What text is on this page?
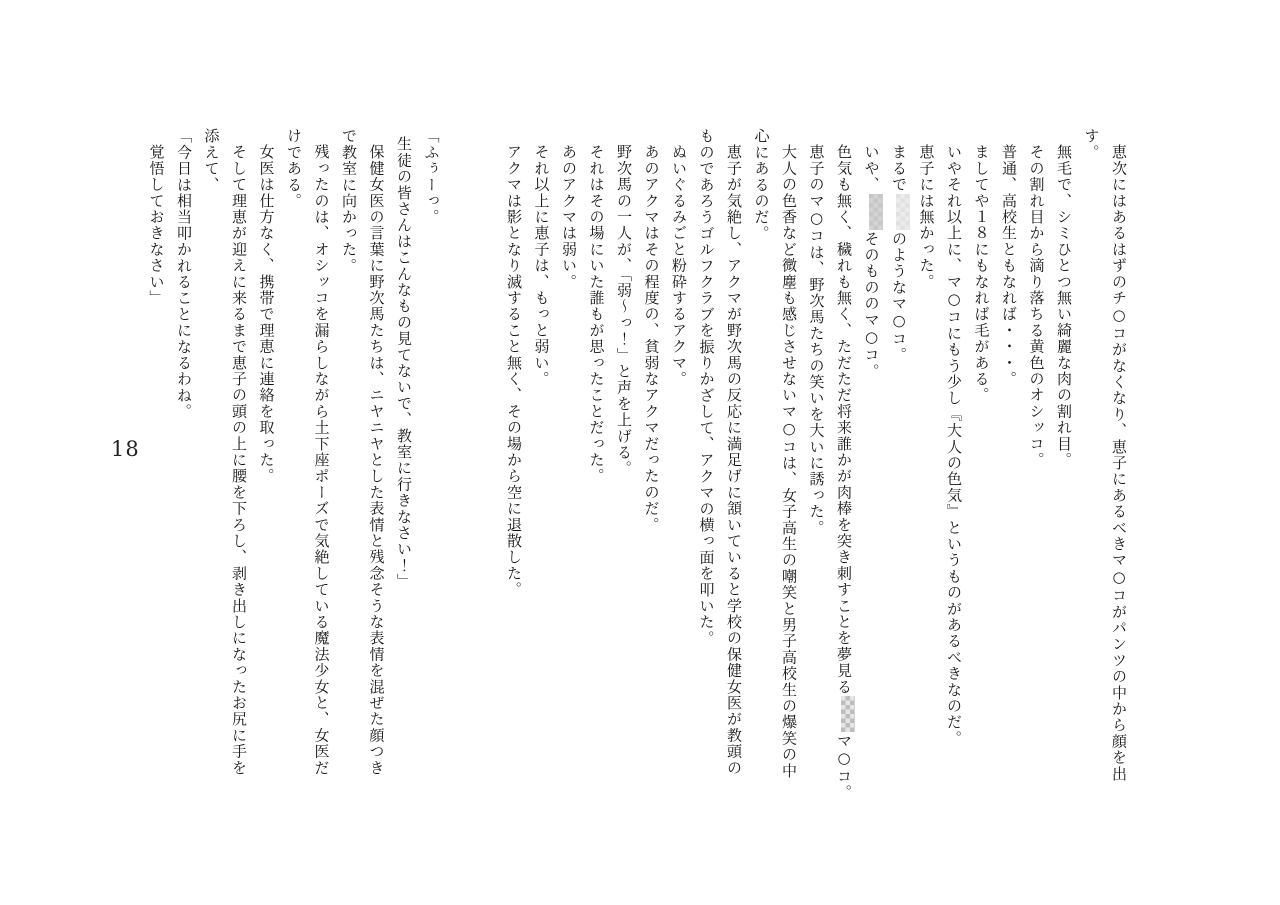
恵次にはあるはずのチ○コがなくなり、恵子にあるべきマ○コがパンツの中から顔を出

す。

無毛で、シミひとつ無い綺麗な肉の割れ目。

その割れ目から滴り落ちる黄色のオシッコ。

普通、高校生ともなれば・・・。

ましてや１８にもなれば毛がある。

いやそれ以上に、マ○コにもう少し『大人の色気』というものがあるべきなのだ。

恵子には無かった。

まるでのようなマ○コ。

いや、そのもののマ○コ。

色気も無く、穢れも無く、ただただ将来誰かが肉棒を突き刺すことを夢見るマ○コ。

恵子のマ○コは、野次馬たちの笑いを大いに誘った。

大人の色香など微塵も感じさせないマ○コは、女子高生の嘲笑と男子高校生の爆笑の中

心にあるのだ。

恵子が気絶し、アクマが野次馬の反応に満足げに頷いていると学校の保健女医が教頭の

ものであろうゴルフクラブを振りかざして、アクマの横っ面を叩いた。

ぬいぐるみごと粉砕するアクマ。

あのアクマはその程度の、貧弱なアクマだったのだ。

野次馬の一人が、「弱〜っ！」と声を上げる。

それはその場にいた誰もが思ったことだった。

あのアクマは弱い。

それ以上に恵子は、もっと弱い。

アクマは影となり滅すること無く、その場から空に退散した。

「ふぅーっ。

生徒の皆さんはこんなもの見てないで、教室に行きなさい！」

保健女医の言葉に野次馬たちは、ニヤニヤとした表情と残念そうな表情を混ぜた顔つき

で教室に向かった。

残ったのは、オシッコを漏らしながら土下座ポーズで気絶している魔法少女と、女医だ

けである。

女医は仕方なく、携帯で理恵に連絡を取った。

そして理恵が迎えに来るまで恵子の頭の上に腰を下ろし、剥き出しになったお尻に手を

添えて、

「今日は相当叩かれることになるわね。

覚悟しておきなさい」

18
